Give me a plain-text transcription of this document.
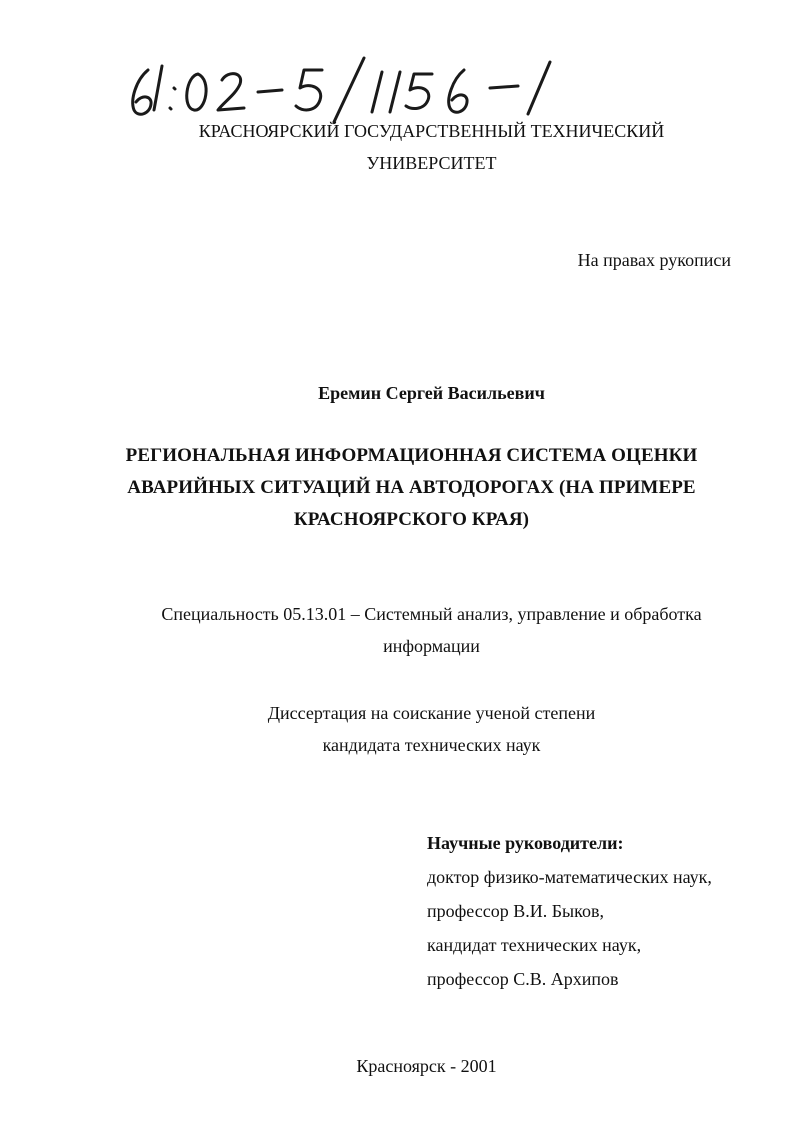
КРАСНОЯРСКИЙ ГОСУДАРСТВЕННЫЙ ТЕХНИЧЕСКИЙ
УНИВЕРСИТЕТ
На правах рукописи
Еремин Сергей Васильевич
РЕГИОНАЛЬНАЯ ИНФОРМАЦИОННАЯ СИСТЕМА ОЦЕНКИ
АВАРИЙНЫХ СИТУАЦИЙ НА АВТОДОРОГАХ (НА ПРИМЕРЕ
КРАСНОЯРСКОГО КРАЯ)
Специальность 05.13.01 – Системный анализ, управление и обработка
информации
Диссертация на соискание ученой степени
кандидата технических наук
Научные руководители:
доктор физико-математических наук,
профессор В.И. Быков,
кандидат технических наук,
профессор С.В. Архипов
Красноярск - 2001
